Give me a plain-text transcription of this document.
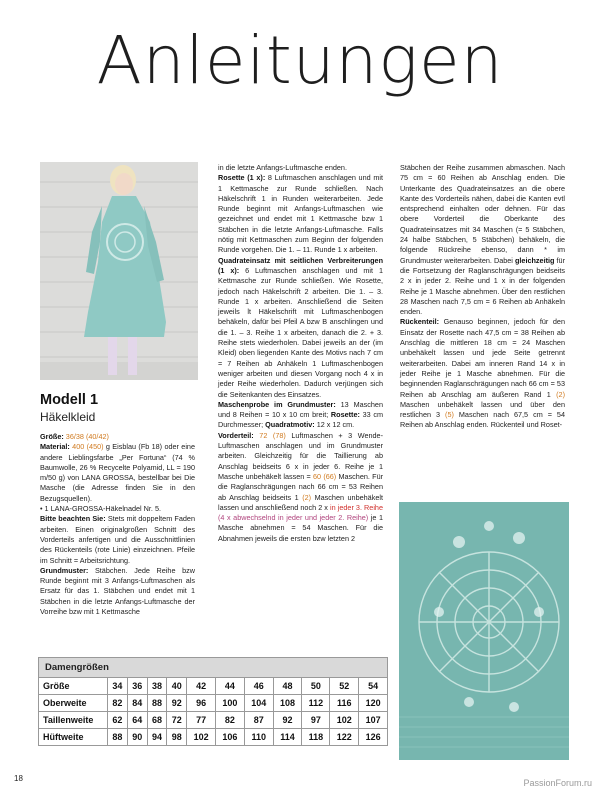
Anleitungen
Modell 1
Häkelkleid

Größe: 36/38 (40/42)

Material: 400 (450) g Eisblau (Fb 18) oder eine andere Lieblingsfarbe „Per Fortuna“ (74 % Baumwolle, 26 % Recycelte Polyamid, LL = 190 m/50 g) von LANA GROSSA, bestellbar bei Die Masche (die Adresse finden Sie in den Bezugsquellen).

• 1 LANA-GROSSA-Häkelnadel Nr. 5.

Bitte beachten Sie: Stets mit doppeltem Faden arbeiten. Einen originalgroßen Schnitt des Vorderteils anfertigen und die Ausschnittlinien des Rückenteils (rote Linie) einzeichnen. Pfeile im Schnitt = Arbeitsrichtung.

Grundmuster: Stäbchen. Jede Reihe bzw Runde beginnt mit 3 Anfangs-Luftmaschen als Ersatz für das 1. Stäbchen und endet mit 1 Stäbchen in die letzte Anfangs-Luftmasche der Vorreihe bzw mit 1 Kettmasche

in die letzte Anfangs-Luftmasche enden.

Rosette (1 x): 8 Luftmaschen anschlagen und mit 1 Kettmasche zur Runde schließen. Nach Häkelschrift 1 in Runden weiterarbeiten. Jede Runde beginnt mit Anfangs-Luftmaschen wie gezeichnet und endet mit 1 Kettmasche bzw 1 Stäbchen in die letzte Anfangs-Luftmasche. Falls nötig mit Kettmaschen zum Beginn der folgenden Runde vorgehen. Die 1. – 11. Runde 1 x arbeiten.

Quadrateinsatz mit seitlichen Verbreiterungen (1 x): 6 Luftmaschen anschlagen und mit 1 Kettmasche zur Runde schließen. Wie Rosette, jedoch nach Häkelschrift 2 arbeiten. Die 1. – 3. Runde 1 x arbeiten. Anschließend die Seiten jeweils lt Häkelschrift mit Luftmaschenbogen behäkeln, dafür bei Pfeil A bzw B anschlingen und die 1. – 3. Reihe 1 x arbeiten, danach die 2. + 3. Reihe stets wiederholen. Dabei jeweils an der (im Kleid) oben liegenden Kante des Motivs nach 7 cm = 7 Reihen ab Anhäkeln 1 Luftmaschenbogen weniger arbeiten und diesen Vorgang noch 4 x in jeder Reihe wiederholen. Dadurch verjüngen sich die Seitenkanten des Einsatzes.

Maschenprobe im Grundmuster: 13 Maschen und 8 Reihen = 10 x 10 cm breit; Rosette: 33 cm Durchmesser; Quadratmotiv: 12 x 12 cm.

Vorderteil: 72 (78) Luftmaschen + 3 Wende-Luftmaschen anschlagen und im Grundmuster arbeiten. Gleichzeitig für die Taillierung ab Anschlag beidseits 6 x in jeder 6. Reihe je 1 Masche unbehäkelt lassen = 60 (66) Maschen. Für die Raglanschrägungen nach 66 cm = 53 Reihen ab Anschlag beidseits 1 (2) Maschen unbehäkelt lassen und anschließend noch 2 x in jeder 3. Reihe (4 x abwechselnd in jeder und jeder 2. Reihe) je 1 Masche abnehmen = 54 Maschen. Für die Abnahmen jeweils die ersten bzw letzten 2

Stäbchen der Reihe zusammen abmaschen. Nach 75 cm = 60 Reihen ab Anschlag enden. Die Unterkante des Quadrateinsatzes an die obere Kante des Vorderteils nähen, dabei die Kanten evtl entsprechend einhalten oder dehnen. Für das obere Vorderteil die Oberkante des Quadrateinsatzes mit 34 Maschen (= 5 Stäbchen, 24 halbe Stäbchen, 5 Stäbchen) behäkeln, die folgende Rückreihe ebenso, dann * im Grundmuster weiterarbeiten. Dabei gleichzeitig für die Fortsetzung der Raglanschrägungen beidseits 2 x in jeder 2. Reihe und 1 x in der folgenden Reihe je 1 Masche abnehmen. Über den restlichen 28 Maschen nach 7,5 cm = 6 Reihen ab Anhäkeln enden.

Rückenteil: Genauso beginnen, jedoch für den Einsatz der Rosette nach 47,5 cm = 38 Reihen ab Anschlag die mittleren 18 cm = 24 Maschen unbehäkelt lassen und jede Seite getrennt weiterarbeiten. Dabei am inneren Rand 14 x in jeder Reihe je 1 Masche abnehmen. Für die beginnenden Raglanschrägungen nach 66 cm = 53 Reihen ab Anschlag am äußeren Rand 1 (2) Maschen unbehäkelt lassen und über den restlichen 3 (5) Maschen nach 67,5 cm = 54 Reihen ab Anschlag enden. Rückenteil und Roset-

Damengrößen
Größe	34	36	38	40	42	44	46	48	50	52	54
Oberweite	82	84	88	92	96	100	104	108	112	116	120
Taillenweite	62	64	68	72	77	82	87	92	97	102	107
Hüftweite	88	90	94	98	102	106	110	114	118	122	126
18	PassionForum.ru
